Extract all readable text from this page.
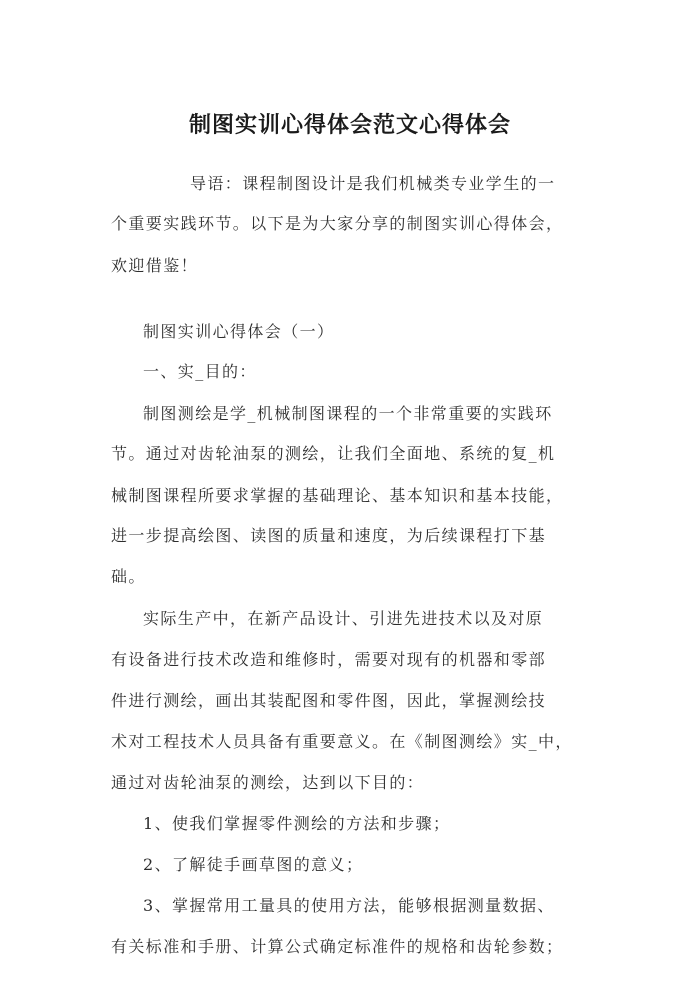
制图实训心得体会范文心得体会
导语：课程制图设计是我们机械类专业学生的一
个重要实践环节。以下是为大家分享的制图实训心得体会，
欢迎借鉴！
制图实训心得体会（一）
一、实_目的：
制图测绘是学_机械制图课程的一个非常重要的实践环
节。通过对齿轮油泵的测绘，让我们全面地、系统的复_机
械制图课程所要求掌握的基础理论、基本知识和基本技能，
进一步提高绘图、读图的质量和速度，为后续课程打下基
础。
实际生产中，在新产品设计、引进先进技术以及对原
有设备进行技术改造和维修时，需要对现有的机器和零部
件进行测绘，画出其装配图和零件图，因此，掌握测绘技
术对工程技术人员具备有重要意义。在《制图测绘》实_中，
通过对齿轮油泵的测绘，达到以下目的：
1、使我们掌握零件测绘的方法和步骤；
2、了解徒手画草图的意义；
3、掌握常用工量具的使用方法，能够根据测量数据、
有关标准和手册、计算公式确定标准件的规格和齿轮参数；
